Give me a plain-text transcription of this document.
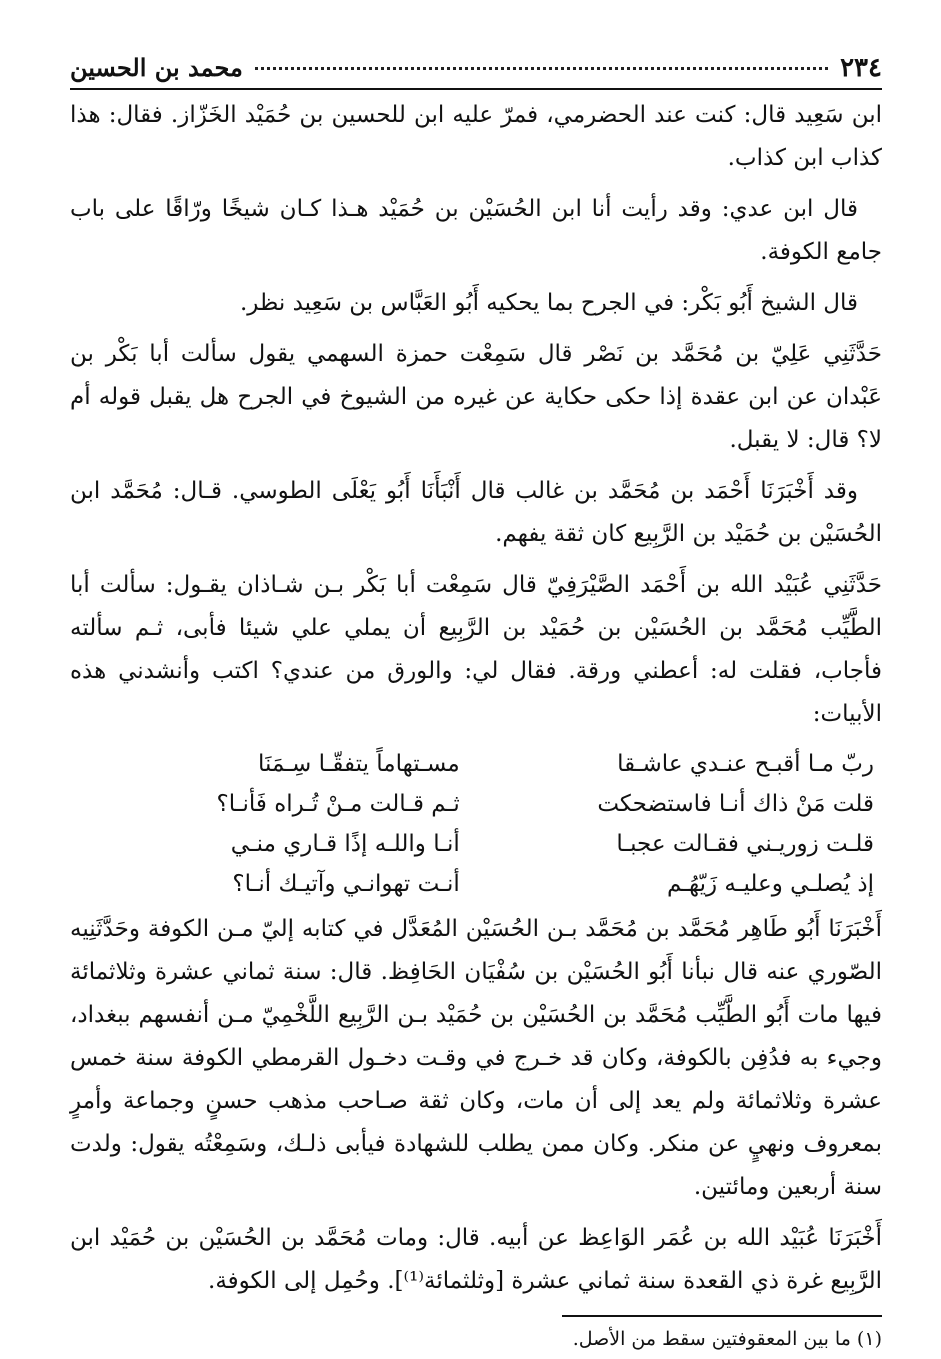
٢٣٤
محمد بن الحسين

ابن سَعِيد قال: كنت عند الحضرمي، فمرّ عليه ابن للحسين بن حُمَيْد الخَزّاز. فقال: هذا كذاب ابن كذاب.

قال ابن عدي: وقد رأيت أنا ابن الحُسَيْن بن حُمَيْد هـذا كـان شيخًا ورّاقًا على باب جامع الكوفة.

قال الشيخ أَبُو بَكْر: في الجرح بما يحكيه أَبُو العَبَّاس بن سَعِيد نظر.

حَدَّثَنِي عَلِيّ بن مُحَمَّد بن نَصْر قال سَمِعْت حمزة السهمي يقول سألت أبا بَكْر بن عَبْدان عن ابن عقدة إذا حكى حكاية عن غيره من الشيوخ في الجرح هل يقبل قوله أم لا؟ قال: لا يقبل.

وقد أَخْبَرَنَا أَحْمَد بن مُحَمَّد بن غالب قال أَنْبَأَنَا أَبُو يَعْلَى الطوسي. قـال: مُحَمَّد ابن الحُسَيْن بن حُمَيْد بن الرَّبِيع كان ثقة يفهم.

حَدَّثَنِي عُبَيْد الله بن أَحْمَد الصَّيْرَفِيّ قال سَمِعْت أبا بَكْر بـن شـاذان يقـول: سألت أبا الطَّيِّب مُحَمَّد بن الحُسَيْن بن حُمَيْد بن الرَّبِيع أن يملي علي شيئا فأبى، ثـم سألته فأجاب، فقلت له: أعطني ورقة. فقال لي: والورق من عندي؟ اكتب وأنشدني هذه الأبيات:

ربّ مـا أقبـح عنـدي عاشـقا
مسـتهاماً يتفقّـا سِـمَنَا
قلت مَنْ ذاك أنـا فاستضحكت
ثـم قـالت مـنْ تُـراه فَأنـا؟
قلـت زوريـني فقـالت عجبـا
أنـا واللـه إذًا قـاري منـي
إذ يُصلـي وعليـه زَيّهُـم
أنـت تهوانـي وآتيـك أنـا؟

أَخْبَرَنَا أَبُو طَاهِر مُحَمَّد بن مُحَمَّد بـن الحُسَيْن المُعَدَّل في كتابه إليّ مـن الكوفة وحَدَّثَنِيه الصّوري عنه قال نبأنا أَبُو الحُسَيْن بن سُفْيَان الحَافِظ. قال: سنة ثماني عشرة وثلاثمائة فيها مات أَبُو الطَّيِّب مُحَمَّد بن الحُسَيْن بن حُمَيْد بـن الرَّبِيع اللَّخْمِيّ مـن أنفسهم ببغداد، وجيء به فدُفِن بالكوفة، وكان قد خـرج في وقـت دخـول القرمطي الكوفة سنة خمس عشرة وثلاثمائة ولم يعد إلى أن مات، وكان ثقة صـاحب مذهب حسنٍ وجماعة وأمرٍ بمعروف ونهيٍ عن منكر. وكان ممن يطلب للشهادة فيأبى ذلـك، وسَمِعْتُه يقول: ولدت سنة أربعين ومائتين.

أَخْبَرَنَا عُبَيْد الله بن عُمَر الوَاعِظ عن أبيه. قال: ومات مُحَمَّد بن الحُسَيْن بن حُمَيْد ابن الرَّبِيع غرة ذي القعدة سنة ثماني عشرة [وثلثمائة⁽¹⁾]. وحُمِل إلى الكوفة.

(١) ما بين المعقوفتين سقط من الأصل.
